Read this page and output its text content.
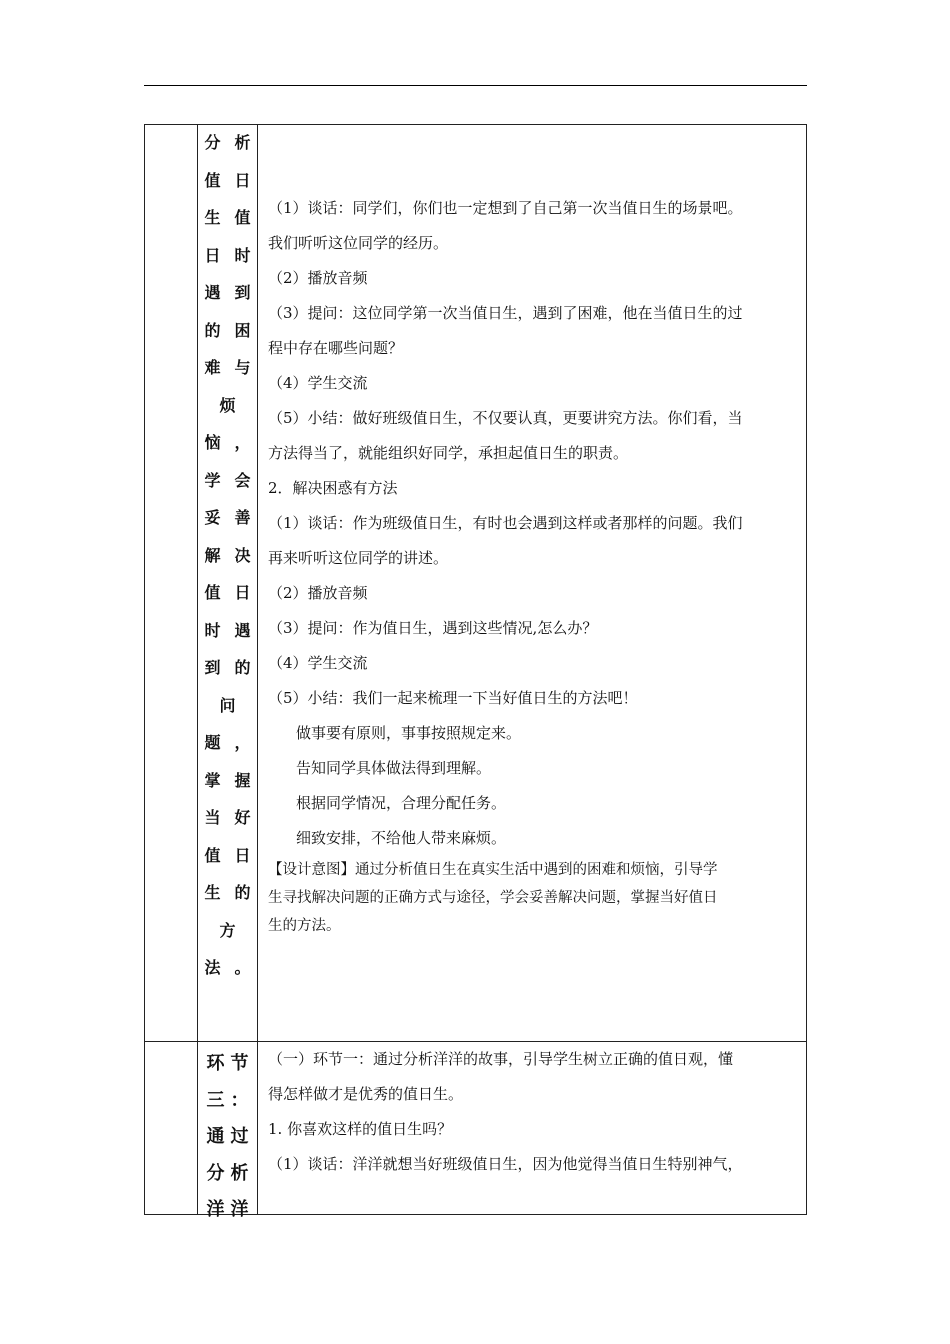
分 析
值 日
生 值
日 时
遇 到
的 困
难 与
烦
恼 ，
学 会
妥 善
解 决
值 日
时 遇
到 的
问
题 ，
掌 握
当 好
值 日
生 的
方
法 。
（1）谈话：同学们，你们也一定想到了自己第一次当值日生的场景吧。
我们听听这位同学的经历。
（2）播放音频
（3）提问：这位同学第一次当值日生，遇到了困难，他在当值日生的过
程中存在哪些问题？
（4）学生交流
（5）小结：做好班级值日生，不仅要认真，更要讲究方法。你们看，当
方法得当了，就能组织好同学，承担起值日生的职责。
2．解决困惑有方法
（1）谈话：作为班级值日生，有时也会遇到这样或者那样的问题。我们
再来听听这位同学的讲述。
（2）播放音频
（3）提问：作为值日生，遇到这些情况,怎么办？
（4）学生交流
（5）小结：我们一起来梳理一下当好值日生的方法吧！
做事要有原则，事事按照规定来。
告知同学具体做法得到理解。
根据同学情况，合理分配任务。
细致安排，不给他人带来麻烦。
【设计意图】通过分析值日生在真实生活中遇到的困难和烦恼，引导学
生寻找解决问题的正确方式与途径，学会妥善解决问题，掌握当好值日
生的方法。
环 节
三 ：
通 过
分 析
洋 洋
（一）环节一：通过分析洋洋的故事，引导学生树立正确的值日观，懂
得怎样做才是优秀的值日生。
1. 你喜欢这样的值日生吗？
（1）谈话：洋洋就想当好班级值日生，因为他觉得当值日生特别神气，
